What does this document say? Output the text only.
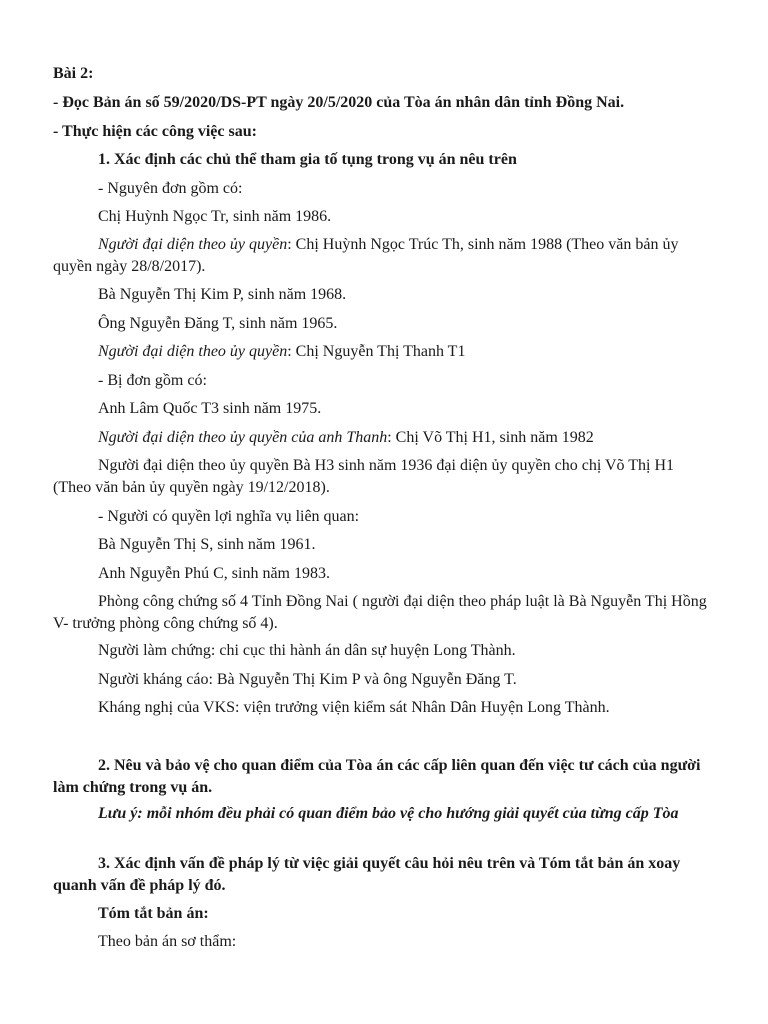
Bài 2:
- Đọc Bản án số 59/2020/DS-PT ngày 20/5/2020 của Tòa án nhân dân tỉnh Đồng Nai.
- Thực hiện các công việc sau:
1. Xác định các chủ thể tham gia tố tụng trong vụ án nêu trên
- Nguyên đơn gồm có:
Chị Huỳnh Ngọc Tr, sinh năm 1986.
Người đại diện theo ủy quyền: Chị Huỳnh Ngọc Trúc Th, sinh năm 1988 (Theo văn bản ủy quyền ngày 28/8/2017).
Bà Nguyễn Thị Kim P, sinh năm 1968.
Ông Nguyễn Đăng T, sinh năm 1965.
Người đại diện theo ủy quyền: Chị Nguyễn Thị Thanh T1
- Bị đơn gồm có:
Anh Lâm Quốc T3 sinh năm 1975.
Người đại diện theo ủy quyền của anh Thanh: Chị Võ Thị H1, sinh năm 1982
Người đại diện theo ủy quyền Bà H3 sinh năm 1936 đại diện ủy quyền cho chị Võ Thị H1 (Theo văn bản ủy quyền ngày 19/12/2018).
- Người có quyền lợi nghĩa vụ liên quan:
Bà Nguyễn Thị S, sinh năm 1961.
Anh Nguyễn Phú C, sinh năm 1983.
Phòng công chứng số 4 Tỉnh Đồng Nai ( người đại diện theo pháp luật là Bà Nguyễn Thị Hồng V- trưởng phòng công chứng số 4).
Người làm chứng: chi cục thi hành án dân sự huyện Long Thành.
Người kháng cáo: Bà Nguyễn Thị Kim P và ông Nguyễn Đăng T.
Kháng nghị của VKS: viện trưởng viện kiểm sát Nhân Dân Huyện Long Thành.
2. Nêu và bảo vệ cho quan điểm của Tòa án các cấp liên quan đến việc tư cách của người làm chứng trong vụ án.
Lưu ý: mỗi nhóm đều phải có quan điểm bảo vệ cho hướng giải quyết của từng cấp Tòa
3. Xác định vấn đề pháp lý từ việc giải quyết câu hỏi nêu trên và Tóm tắt bản án xoay quanh vấn đề pháp lý đó.
Tóm tắt bản án:
Theo bản án sơ thẩm:
